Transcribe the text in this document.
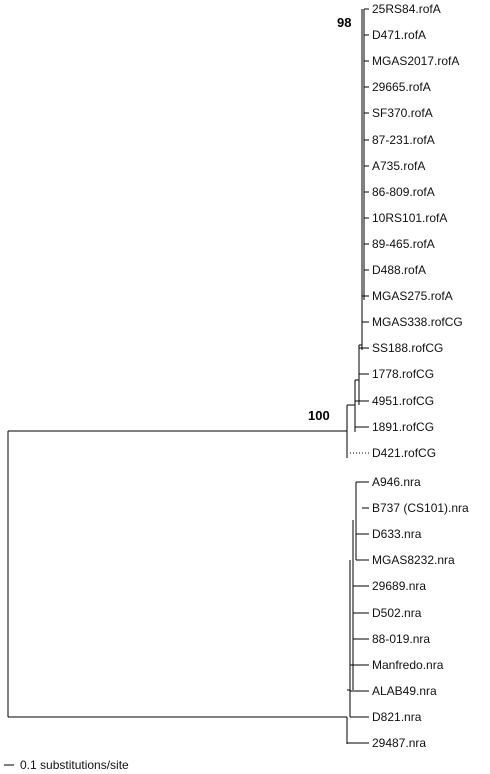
25RS84.rofA
D471.rofA
MGAS2017.rofA
29665.rofA
SF370.rofA
87-231.rofA
A735.rofA
86-809.rofA
10RS101.rofA
89-465.rofA
D488.rofA
MGAS275.rofA
MGAS338.rofCG
SS188.rofCG
1778.rofCG
4951.rofCG
1891.rofCG
D421.rofCG
A946.nra
B737 (CS101).nra
D633.nra
MGAS8232.nra
29689.nra
D502.nra
88-019.nra
Manfredo.nra
ALAB49.nra
D821.nra
29487.nra
98
100
0.1 substitutions/site
